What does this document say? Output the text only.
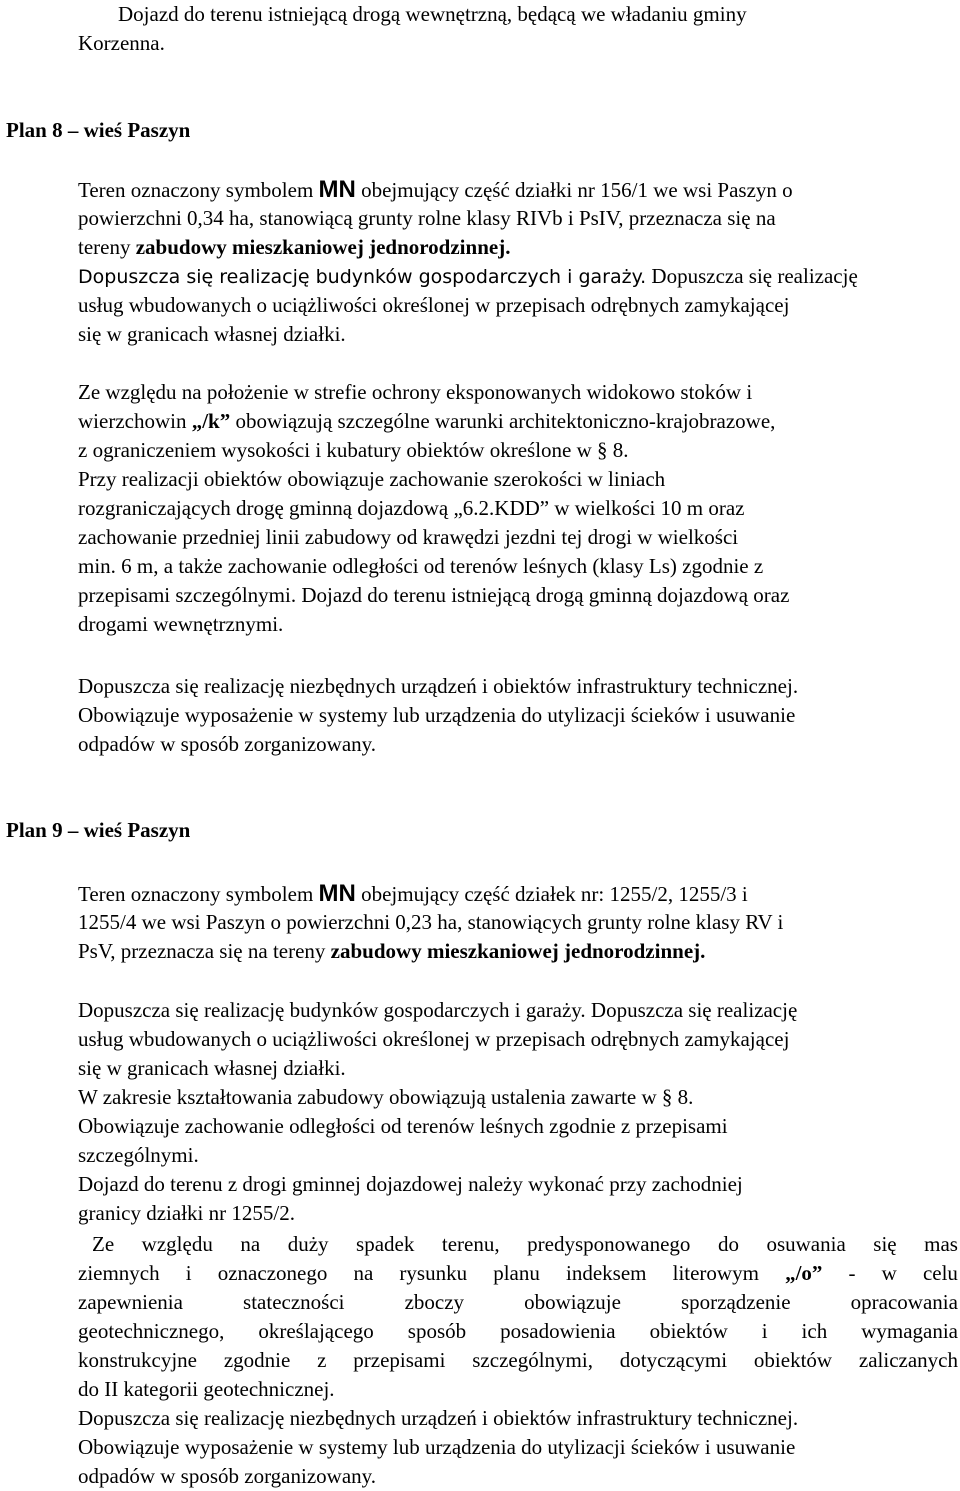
Dojazd do terenu istniejącą drogą wewnętrzną, będącą we władaniu gminy
Korzenna.
Plan 8 – wieś Paszyn
Teren oznaczony symbolem MN obejmujący część działki nr 156/1 we wsi Paszyn o
powierzchni 0,34 ha, stanowiącą grunty rolne klasy RIVb i PsIV, przeznacza się na
tereny zabudowy mieszkaniowej jednorodzinnej.
Dopuszcza się realizację budynków gospodarczych i garaży. Dopuszcza się realizację
usług wbudowanych o uciążliwości określonej w przepisach odrębnych zamykającej
się w granicach własnej działki.
Ze względu na położenie w strefie ochrony eksponowanych widokowo stoków i
wierzchowin „/k” obowiązują szczególne warunki architektoniczno-krajobrazowe,
z ograniczeniem wysokości i kubatury obiektów określone w § 8.
Przy realizacji obiektów obowiązuje zachowanie szerokości w liniach
rozgraniczających drogę gminną dojazdową „6.2.KDD” w wielkości 10 m oraz
zachowanie przedniej linii zabudowy od krawędzi jezdni tej drogi w wielkości
min. 6 m, a także zachowanie odległości od terenów leśnych (klasy Ls) zgodnie z
przepisami szczególnymi. Dojazd do terenu istniejącą drogą gminną dojazdową oraz
drogami wewnętrznymi.
Dopuszcza się realizację niezbędnych urządzeń i obiektów infrastruktury technicznej.
Obowiązuje wyposażenie w systemy lub urządzenia do utylizacji ścieków i usuwanie
odpadów w sposób zorganizowany.
Plan 9 – wieś Paszyn
Teren oznaczony symbolem MN obejmujący część działek nr: 1255/2, 1255/3 i
1255/4 we wsi Paszyn o powierzchni 0,23 ha, stanowiących grunty rolne klasy RV i
PsV, przeznacza się na tereny zabudowy mieszkaniowej jednorodzinnej.
Dopuszcza się realizację budynków gospodarczych i garaży. Dopuszcza się realizację
usług wbudowanych o uciążliwości określonej w przepisach odrębnych zamykającej
się w granicach własnej działki.
W zakresie kształtowania zabudowy obowiązują ustalenia zawarte w § 8.
Obowiązuje zachowanie odległości od terenów leśnych zgodnie z przepisami
szczególnymi.
Dojazd do terenu z drogi gminnej dojazdowej należy wykonać przy zachodniej
granicy działki nr 1255/2.
Ze względu na duży spadek terenu, predysponowanego do osuwania się mas
ziemnych i oznaczonego na rysunku planu indeksem literowym „/o” - w celu
zapewnienia	stateczności	zboczy	obowiązuje	sporządzenie	opracowania
geotechnicznego, określającego sposób posadowienia obiektów i ich wymagania
konstrukcyjne zgodnie z przepisami szczególnymi, dotyczącymi obiektów zaliczanych
do II kategorii geotechnicznej.
Dopuszcza się realizację niezbędnych urządzeń i obiektów infrastruktury technicznej.
Obowiązuje wyposażenie w systemy lub urządzenia do utylizacji ścieków i usuwanie
odpadów w sposób zorganizowany.
